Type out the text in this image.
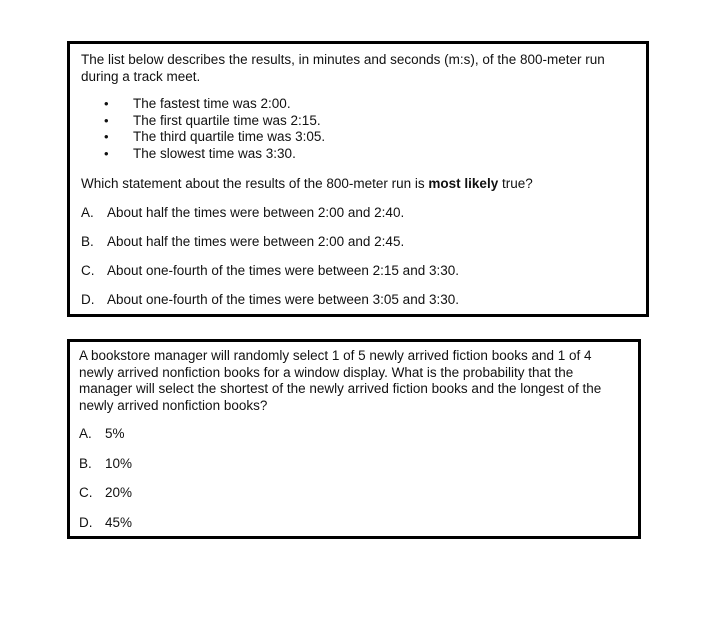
The list below describes the results, in minutes and seconds (m:s), of the 800-meter run during a track meet.

•	The fastest time was 2:00.
•	The first quartile time was 2:15.
•	The third quartile time was 3:05.
•	The slowest time was 3:30.

Which statement about the results of the 800-meter run is most likely true?

A. About half the times were between 2:00 and 2:40.
B. About half the times were between 2:00 and 2:45.
C. About one-fourth of the times were between 2:15 and 3:30.
D. About one-fourth of the times were between 3:05 and 3:30.

A bookstore manager will randomly select 1 of 5 newly arrived fiction books and 1 of 4 newly arrived nonfiction books for a window display. What is the probability that the manager will select the shortest of the newly arrived fiction books and the longest of the newly arrived nonfiction books?

A. 5%
B. 10%
C. 20%
D. 45%
